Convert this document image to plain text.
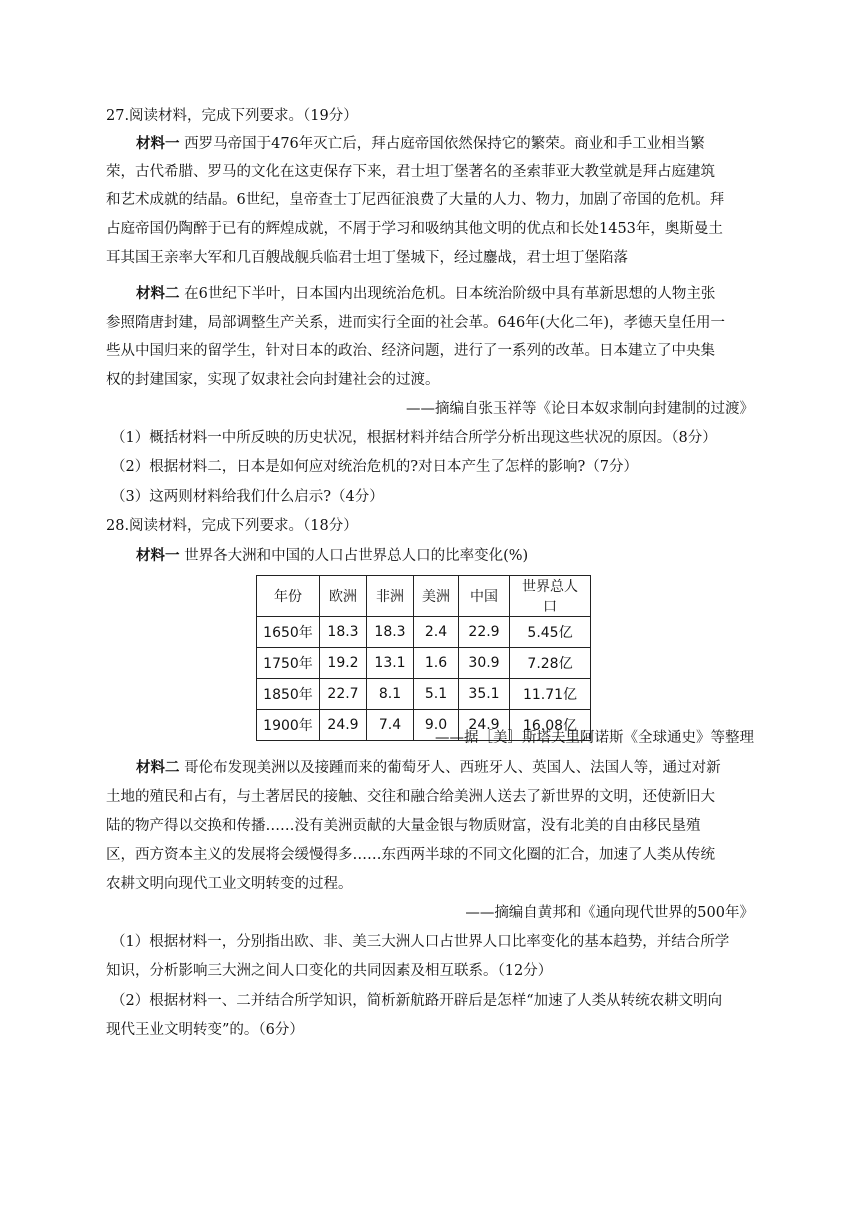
27.阅读材料，完成下列要求。（19分）
材料一 西罗马帝国于476年灭亡后，拜占庭帝国依然保持它的繁荣。商业和手工业相当繁
荣，古代希腊、罗马的文化在这吏保存下来，君士坦丁堡著名的圣索菲亚大教堂就是拜占庭建筑
和艺术成就的结晶。6世纪，皇帝查士丁尼西征浪费了大量的人力、物力，加剧了帝国的危机。拜
占庭帝国仍陶醉于已有的辉煌成就，不屑于学习和吸纳其他文明的优点和长处1453年，奥斯曼土
耳其国王亲率大军和几百艘战舰兵临君士坦丁堡城下，经过鏖战，君士坦丁堡陷落
材料二 在6世纪下半叶，日本国内出现统治危机。日本统治阶级中具有革新思想的人物主张
参照隋唐封建，局部调整生产关系，进而实行全面的社会革。646年(大化二年)，孝德天皇任用一
些从中国归来的留学生，针对日本的政治、经济问题，进行了一系列的改革。日本建立了中央集
权的封建国家，实现了奴隶社会向封建社会的过渡。
——摘编自张玉祥等《论日本奴求制向封建制的过渡》
（1）概括材料一中所反映的历史状况，根据材料并结合所学分析出现这些状况的原因。（8分）
（2）根据材料二，日本是如何应对统治危机的?对日本产生了怎样的影响?（7分）
（3）这两则材料给我们什么启示?（4分）
28.阅读材料，完成下列要求。（18分）
材料一 世界各大洲和中国的人口占世界总人口的比率变化(%)
年份	欧洲	非洲	美洲	中国	世界总人口
1650年	18.3	18.3	2.4	22.9	5.45亿
1750年	19.2	13.1	1.6	30.9	7.28亿
1850年	22.7	8.1	5.1	35.1	11.71亿
1900年	24.9	7.4	9.0	24.9	16.08亿
——据［美］斯塔夫里阿诺斯《全球通史》等整理
材料二 哥伦布发现美洲以及接踵而来的葡萄牙人、西班牙人、英国人、法国人等，通过对新
土地的殖民和占有，与土著居民的接触、交往和融合给美洲人送去了新世界的文明，还使新旧大
陆的物产得以交换和传播……没有美洲贡献的大量金银与物质财富，没有北美的自由移民垦殖
区，西方资本主义的发展将会缓慢得多……东西两半球的不同文化圈的汇合，加速了人类从传统
农耕文明向现代工业文明转变的过程。
——摘编自黄邦和《通向现代世界的500年》
（1）根据材料一，分别指出欧、非、美三大洲人口占世界人口比率变化的基本趋势，并结合所学
知识，分析影响三大洲之间人口变化的共同因素及相互联系。（12分）
（2）根据材料一、二并结合所学知识，简析新航路开辟后是怎样“加速了人类从转统农耕文明向
现代王业文明转变”的。（6分）
